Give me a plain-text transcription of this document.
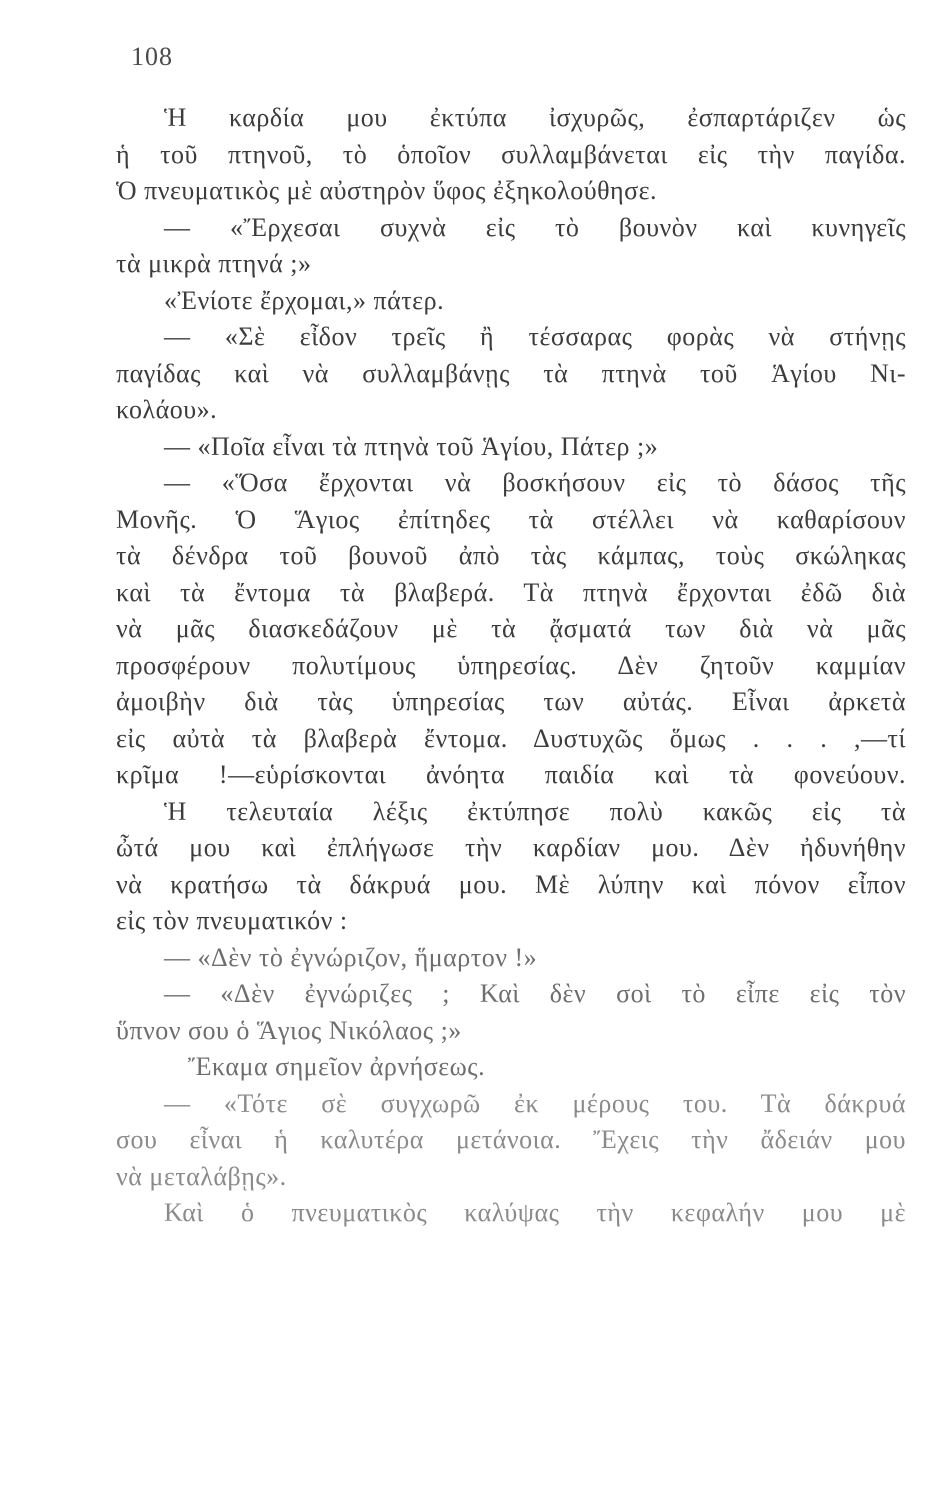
108
Ἡ καρδία μου ἐκτύπα ἰσχυρῶς, ἐσπαρτάριζεν ὡς
ἡ τοῦ πτηνοῦ, τὸ ὁποῖον συλλαμβάνεται εἰς τὴν παγίδα.
Ὁ πνευματικὸς μὲ αὐστηρὸν ὕφος ἐξηκολούθησε.
— «Ἔρχεσαι συχνὰ εἰς τὸ βουνὸν καὶ κυνηγεῖς
τὰ μικρὰ πτηνά ;»
«Ἐνίοτε ἔρχομαι,» πάτερ.
— «Σὲ εἶδον τρεῖς ἢ τέσσαρας φορὰς νὰ στήνῃς
παγίδας καὶ νὰ συλλαμβάνῃς τὰ πτηνὰ τοῦ Ἁγίου Νι-
κολάου».
— «Ποῖα εἶναι τὰ πτηνὰ τοῦ Ἁγίου, Πάτερ ;»
— «Ὅσα ἔρχονται νὰ βοσκήσουν εἰς τὸ δάσος τῆς
Μονῆς. Ὁ Ἅγιος ἐπίτηδες τὰ στέλλει νὰ καθαρίσουν
τὰ δένδρα τοῦ βουνοῦ ἀπὸ τὰς κάμπας, τοὺς σκώληκας
καὶ τὰ ἔντομα τὰ βλαβερά. Τὰ πτηνὰ ἔρχονται ἐδῶ διὰ
νὰ μᾶς διασκεδάζουν μὲ τὰ ᾄσματά των διὰ νὰ μᾶς
προσφέρουν πολυτίμους ὑπηρεσίας. Δὲν ζητοῦν καμμίαν
ἀμοιβὴν διὰ τὰς ὑπηρεσίας των αὐτάς. Εἶναι ἀρκετὰ
εἰς αὐτὰ τὰ βλαβερὰ ἔντομα. Δυστυχῶς ὅμως . . . ,—τί
κρῖμα !—εὑρίσκονται ἀνόητα παιδία καὶ τὰ φονεύουν.
Ἡ τελευταία λέξις ἐκτύπησε πολὺ κακῶς εἰς τὰ
ὦτά μου καὶ ἐπλήγωσε τὴν καρδίαν μου. Δὲν ἠδυνήθην
νὰ κρατήσω τὰ δάκρυά μου. Μὲ λύπην καὶ πόνον εἶπον
εἰς τὸν πνευματικόν :
— «Δὲν τὸ ἐγνώριζον, ἥμαρτον !»
— «Δὲν ἐγνώριζες ; Καὶ δὲν σοὶ τὸ εἶπε εἰς τὸν
ὕπνον σου ὁ Ἅγιος Νικόλαος ;»
Ἔκαμα σημεῖον ἀρνήσεως.
— «Τότε σὲ συγχωρῶ ἐκ μέρους του. Τὰ δάκρυά
σου εἶναι ἡ καλυτέρα μετάνοια. Ἔχεις τὴν ἄδειάν μου
νὰ μεταλάβῃς».
Καὶ ὁ πνευματικὸς καλύψας τὴν κεφαλήν μου μὲ
